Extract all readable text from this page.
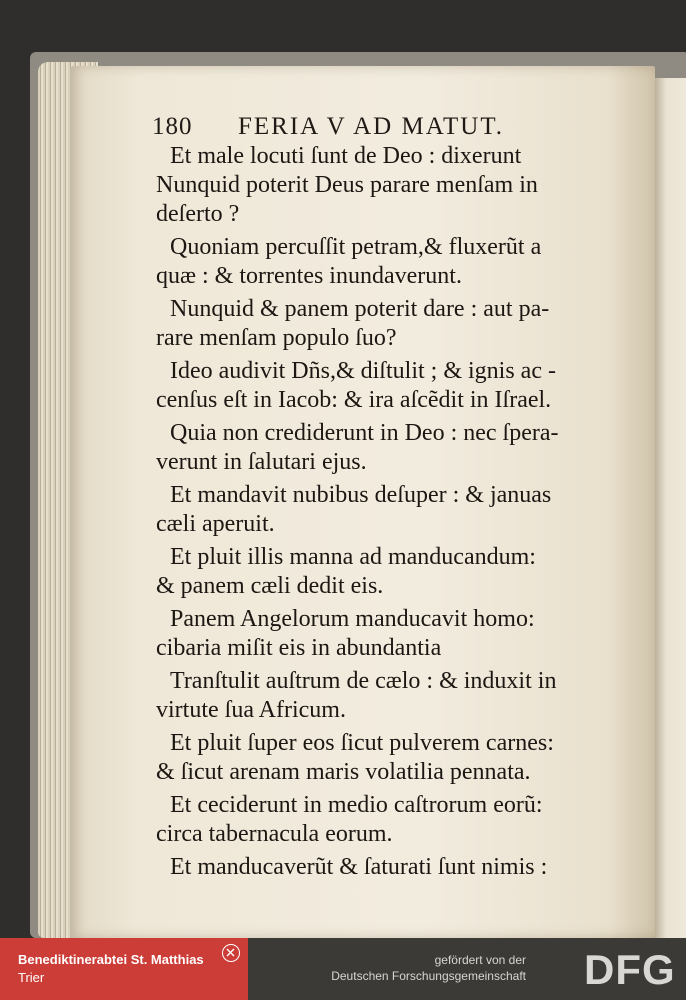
180 FERIA V AD MATUT.
Et male locuti ſunt de Deo : dixerunt
Nunquid poterit Deus parare menſam in
deſerto ?
Quoniam percuſſit petram,& fluxerũt a
quæ : & torrentes inundaverunt.
Nunquid & panem poterit dare : aut pa-
rare menſam populo ſuo?
Ideo audivit Dñs,& diſtulit ; & ignis ac -
cenſus eſt in Iacob: & ira aſcẽdit in Iſrael.
Quia non crediderunt in Deo : nec ſpera-
verunt in ſalutari ejus.
Et mandavit nubibus deſuper : & januas
cæli aperuit.
Et pluit illis manna ad manducandum:
& panem cæli dedit eis.
Panem Angelorum manducavit homo:
cibaria miſit eis in abundantia
Tranſtulit auſtrum de cælo : & induxit in
virtute ſua Africum.
Et pluit ſuper eos ſicut pulverem carnes:
& ſicut arenam maris volatilia pennata.
Et ceciderunt in medio caſtrorum eorũ:
circa tabernacula eorum.
Et manducaverũt & ſaturati ſunt nimis :
Benediktinerabtei St. Matthias
Trier
gefördert von der
Deutschen Forschungsgemeinschaft DFG
